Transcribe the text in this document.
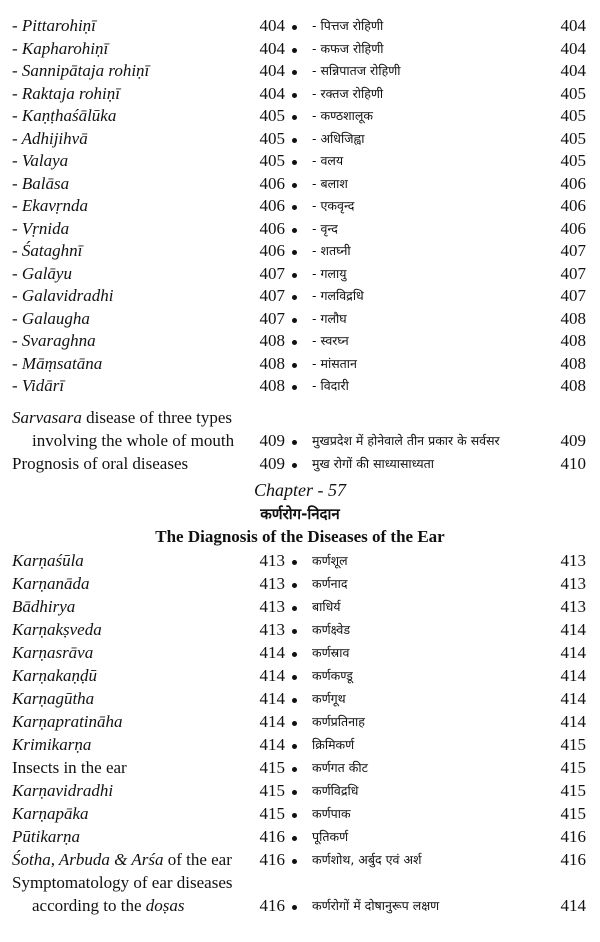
- Pittarohiṇī	404 - पित्तज रोहिणी	404
- Kapharohiṇī	404 - कफज रोहिणी	404
- Sannipātaja rohiṇī	404 - सन्निपातज रोहिणी	404
- Raktaja rohiṇī	404 - रक्तज रोहिणी	405
- Kaṇṭhaśālūka	405 - कण्ठशालूक	405
- Adhijihvā	405 - अधिजिह्वा	405
- Valaya	405 - वलय	405
- Balāsa	406 - बलाश	406
- Ekavṛnda	406 - एकवृन्द	406
- Vṛnida	406 - वृन्द	406
- Śataghnī	406 - शतघ्नी	407
- Galāyu	407 - गलायु	407
- Galavidradhi	407 - गलविद्रधि	407
- Galaugha	407 - गलौघ	408
- Svaraghna	408 - स्वरघ्न	408
- Māṃsatāna	408 - मांसतान	408
- Vidārī	408 - विदारी	408
Sarvasara disease of three types
involving the whole of mouth 409 मुखप्रदेश में होनेवाले तीन प्रकार के सर्वसर	409
Prognosis of oral diseases	409 मुख रोगों की साध्यासाध्यता	410
Chapter - 57
कर्णरोग-निदान
The Diagnosis of the Diseases of the Ear
Karṇaśūla	413 कर्णशूल	413
Karṇanāda	413 कर्णनाद	413
Bādhirya	413 बाधिर्य	413
Karṇakṣveda	413 कर्णक्ष्वेड	414
Karṇasrāva	414 कर्णस्राव	414
Karṇakaṇḍū	414 कर्णकण्डू	414
Karṇagūtha	414 कर्णगूथ	414
Karṇapratināha	414 कर्णप्रतिनाह	414
Krimikarṇa	414 क्रिमिकर्ण	415
Insects in the ear	415 कर्णगत कीट	415
Karṇavidradhi	415 कर्णविद्रधि	415
Karṇapāka	415 कर्णपाक	415
Pūtikarṇa	416 पूतिकर्ण	416
Śotha, Arbuda & Arśa of the ear 416 कर्णशोथ, अर्बुद एवं अर्श	416
Symptomatology of ear diseases
according to the doṣas	416 कर्णरोगों में दोषानुरूप लक्षण	414
